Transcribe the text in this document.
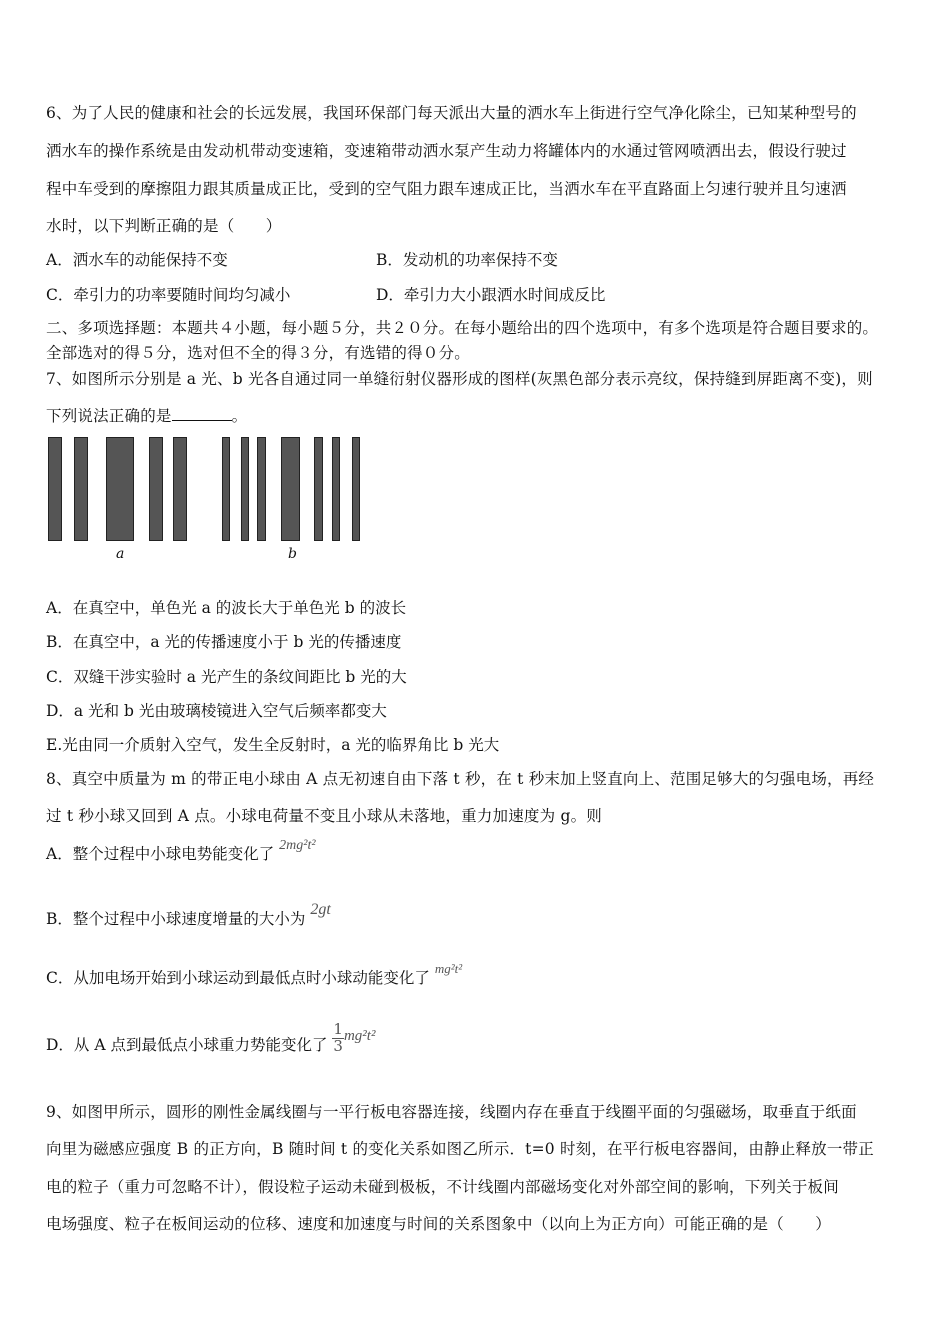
6、为了人民的健康和社会的长远发展，我国环保部门每天派出大量的洒水车上街进行空气净化除尘，已知某种型号的
洒水车的操作系统是由发动机带动变速箱，变速箱带动洒水泵产生动力将罐体内的水通过管网喷洒出去，假设行驶过
程中车受到的摩擦阻力跟其质量成正比，受到的空气阻力跟车速成正比，当洒水车在平直路面上匀速行驶并且匀速洒
水时，以下判断正确的是（　　）
A．洒水车的动能保持不变	B．发动机的功率保持不变
C．牵引力的功率要随时间均匀减小	D．牵引力大小跟洒水时间成反比
二、多项选择题：本题共４小题，每小题５分，共２０分。在每小题给出的四个选项中，有多个选项是符合题目要求的。
全部选对的得５分，选对但不全的得３分，有选错的得０分。
7、如图所示分别是 a 光、b 光各自通过同一单缝衍射仪器形成的图样(灰黑色部分表示亮纹，保持缝到屏距离不变)，则
下列说法正确的是	。
a	b
A．在真空中，单色光 a 的波长大于单色光 b 的波长
B．在真空中，a 光的传播速度小于 b 光的传播速度
C．双缝干涉实验时 a 光产生的条纹间距比 b 光的大
D．a 光和 b 光由玻璃棱镜进入空气后频率都变大
E.光由同一介质射入空气，发生全反射时，a 光的临界角比 b 光大
8、真空中质量为 m 的带正电小球由 A 点无初速自由下落 t 秒，在 t 秒末加上竖直向上、范围足够大的匀强电场，再经
过 t 秒小球又回到 A 点。小球电荷量不变且小球从未落地，重力加速度为 g。则
A．整个过程中小球电势能变化了 2mg²t²
B．整个过程中小球速度增量的大小为 2gt
C．从加电场开始到小球运动到最低点时小球动能变化了 $^{mg^2t^2}$
D．从 A 点到最低点小球重力势能变化了 $\frac{1}{3} mg^2t^2$
9、如图甲所示，圆形的刚性金属线圈与一平行板电容器连接，线圈内存在垂直于线圈平面的匀强磁场，取垂直于纸面
向里为磁感应强度 B 的正方向，B 随时间 t 的变化关系如图乙所示．t=0 时刻，在平行板电容器间，由静止释放一带正
电的粒子（重力可忽略不计），假设粒子运动未碰到极板，不计线圈内部磁场变化对外部空间的影响，下列关于板间
电场强度、粒子在板间运动的位移、速度和加速度与时间的关系图象中（以向上为正方向）可能正确的是（　　）
